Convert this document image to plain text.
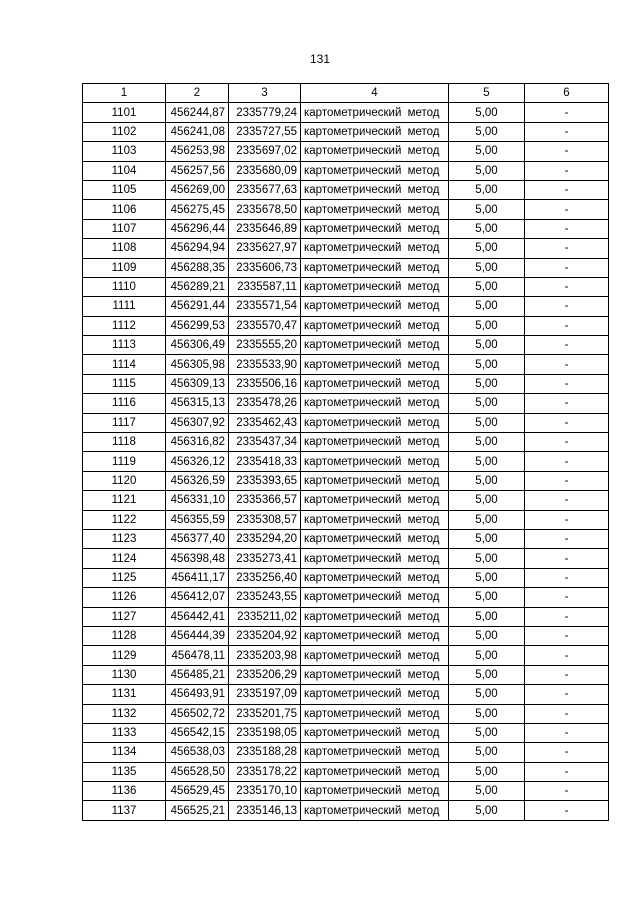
131
1	2	3	4	5	6
1101	456244,87	2335779,24	картометрический метод	5,00	-
1102	456241,08	2335727,55	картометрический метод	5,00	-
1103	456253,98	2335697,02	картометрический метод	5,00	-
1104	456257,56	2335680,09	картометрический метод	5,00	-
1105	456269,00	2335677,63	картометрический метод	5,00	-
1106	456275,45	2335678,50	картометрический метод	5,00	-
1107	456296,44	2335646,89	картометрический метод	5,00	-
1108	456294,94	2335627,97	картометрический метод	5,00	-
1109	456288,35	2335606,73	картометрический метод	5,00	-
1110	456289,21	2335587,11	картометрический метод	5,00	-
1111	456291,44	2335571,54	картометрический метод	5,00	-
1112	456299,53	2335570,47	картометрический метод	5,00	-
1113	456306,49	2335555,20	картометрический метод	5,00	-
1114	456305,98	2335533,90	картометрический метод	5,00	-
1115	456309,13	2335506,16	картометрический метод	5,00	-
1116	456315,13	2335478,26	картометрический метод	5,00	-
1117	456307,92	2335462,43	картометрический метод	5,00	-
1118	456316,82	2335437,34	картометрический метод	5,00	-
1119	456326,12	2335418,33	картометрический метод	5,00	-
1120	456326,59	2335393,65	картометрический метод	5,00	-
1121	456331,10	2335366,57	картометрический метод	5,00	-
1122	456355,59	2335308,57	картометрический метод	5,00	-
1123	456377,40	2335294,20	картометрический метод	5,00	-
1124	456398,48	2335273,41	картометрический метод	5,00	-
1125	456411,17	2335256,40	картометрический метод	5,00	-
1126	456412,07	2335243,55	картометрический метод	5,00	-
1127	456442,41	2335211,02	картометрический метод	5,00	-
1128	456444,39	2335204,92	картометрический метод	5,00	-
1129	456478,11	2335203,98	картометрический метод	5,00	-
1130	456485,21	2335206,29	картометрический метод	5,00	-
1131	456493,91	2335197,09	картометрический метод	5,00	-
1132	456502,72	2335201,75	картометрический метод	5,00	-
1133	456542,15	2335198,05	картометрический метод	5,00	-
1134	456538,03	2335188,28	картометрический метод	5,00	-
1135	456528,50	2335178,22	картометрический метод	5,00	-
1136	456529,45	2335170,10	картометрический метод	5,00	-
1137	456525,21	2335146,13	картометрический метод	5,00	-
